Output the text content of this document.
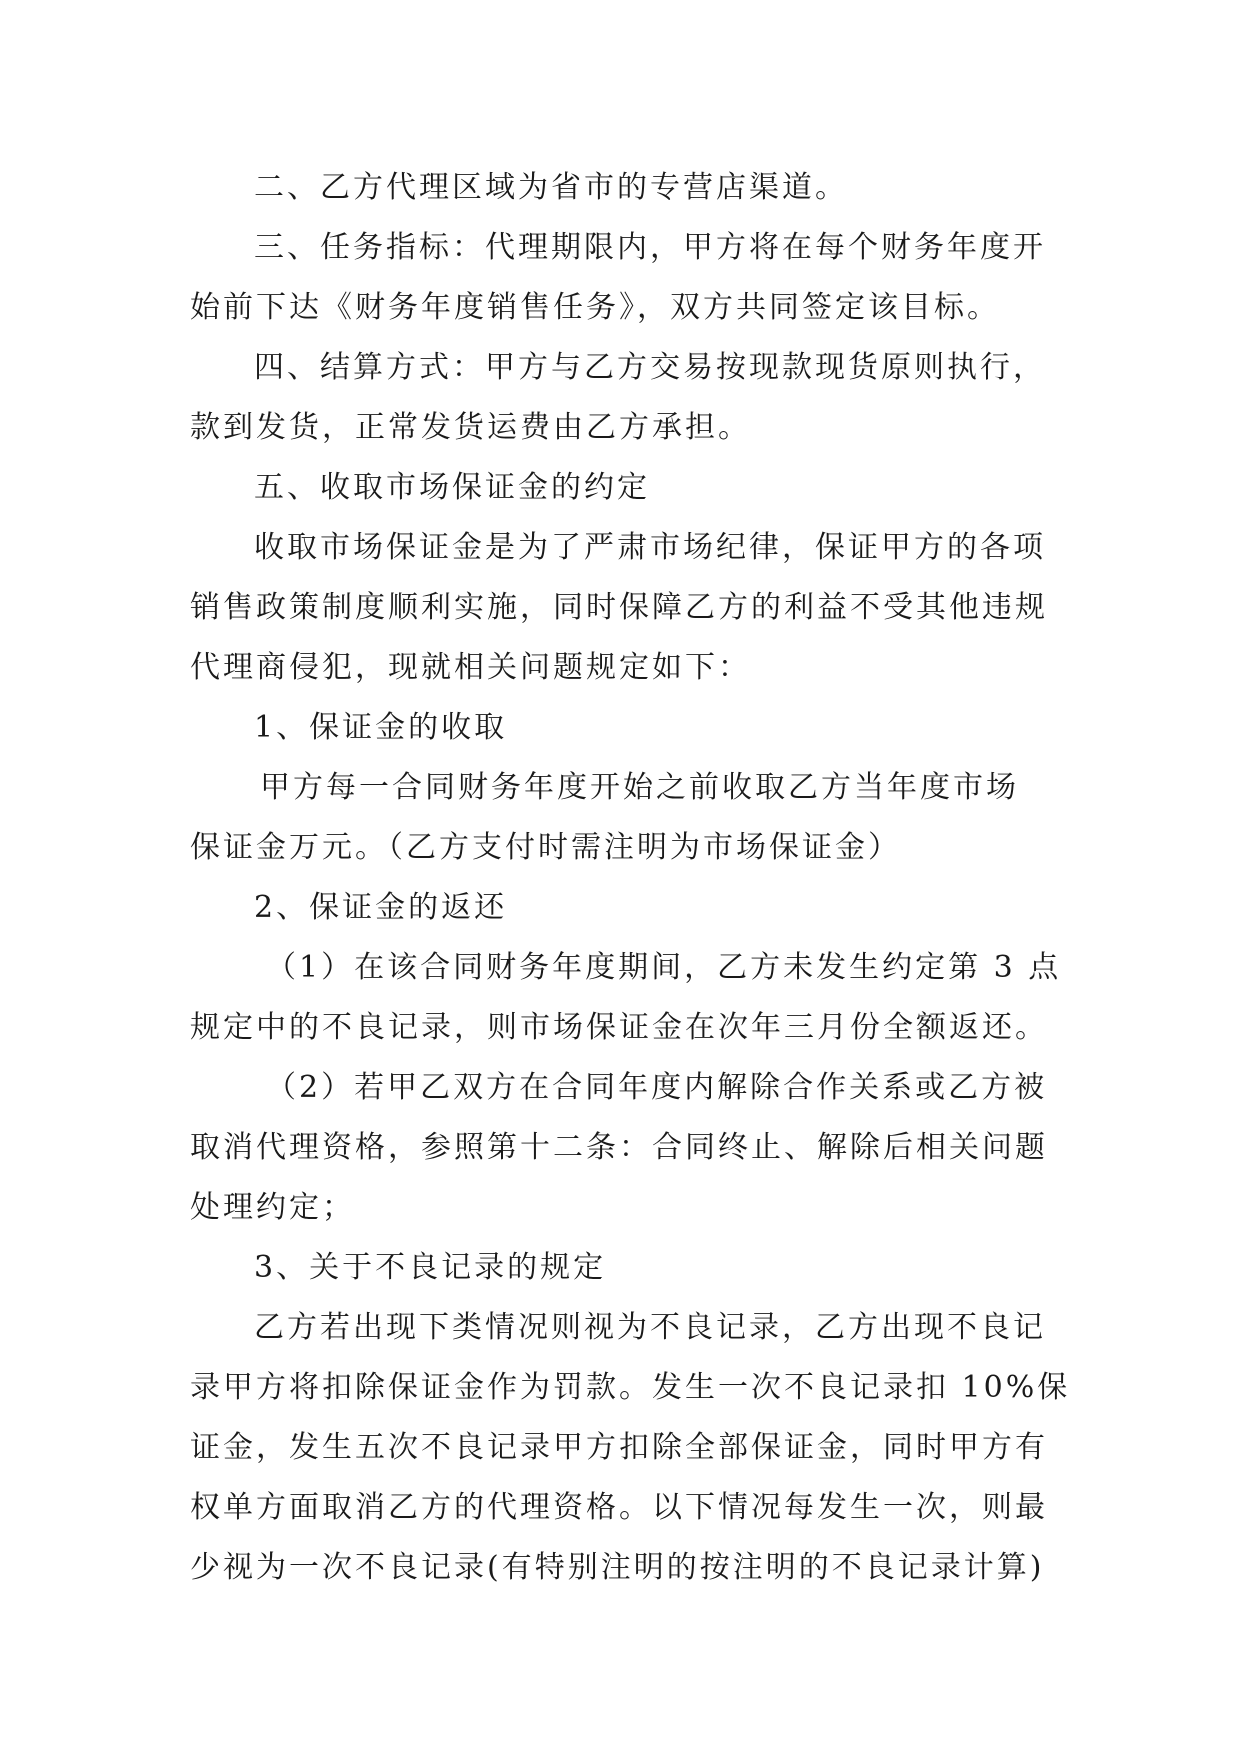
二、乙方代理区域为省市的专营店渠道。
三、任务指标：代理期限内，甲方将在每个财务年度开
始前下达《财务年度销售任务》，双方共同签定该目标。
四、结算方式：甲方与乙方交易按现款现货原则执行，
款到发货，正常发货运费由乙方承担。
五、收取市场保证金的约定
收取市场保证金是为了严肃市场纪律，保证甲方的各项
销售政策制度顺利实施，同时保障乙方的利益不受其他违规
代理商侵犯，现就相关问题规定如下：
1、保证金的收取
甲方每一合同财务年度开始之前收取乙方当年度市场
保证金万元。（乙方支付时需注明为市场保证金）
2、保证金的返还
（1）在该合同财务年度期间，乙方未发生约定第 3 点
规定中的不良记录，则市场保证金在次年三月份全额返还。
（2）若甲乙双方在合同年度内解除合作关系或乙方被
取消代理资格，参照第十二条：合同终止、解除后相关问题
处理约定；
3、关于不良记录的规定
乙方若出现下类情况则视为不良记录，乙方出现不良记
录甲方将扣除保证金作为罚款。发生一次不良记录扣 10%保
证金，发生五次不良记录甲方扣除全部保证金，同时甲方有
权单方面取消乙方的代理资格。以下情况每发生一次，则最
少视为一次不良记录(有特别注明的按注明的不良记录计算)
